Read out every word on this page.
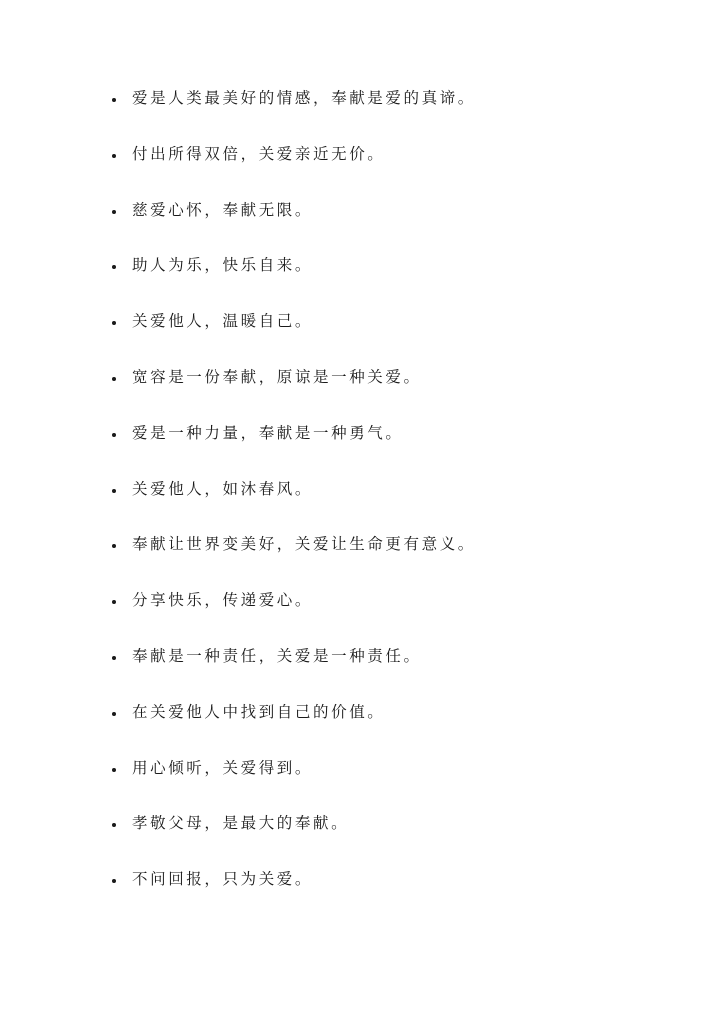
爱是人类最美好的情感，奉献是爱的真谛。
付出所得双倍，关爱亲近无价。
慈爱心怀，奉献无限。
助人为乐，快乐自来。
关爱他人，温暖自己。
宽容是一份奉献，原谅是一种关爱。
爱是一种力量，奉献是一种勇气。
关爱他人，如沐春风。
奉献让世界变美好，关爱让生命更有意义。
分享快乐，传递爱心。
奉献是一种责任，关爱是一种责任。
在关爱他人中找到自己的价值。
用心倾听，关爱得到。
孝敬父母，是最大的奉献。
不问回报，只为关爱。
